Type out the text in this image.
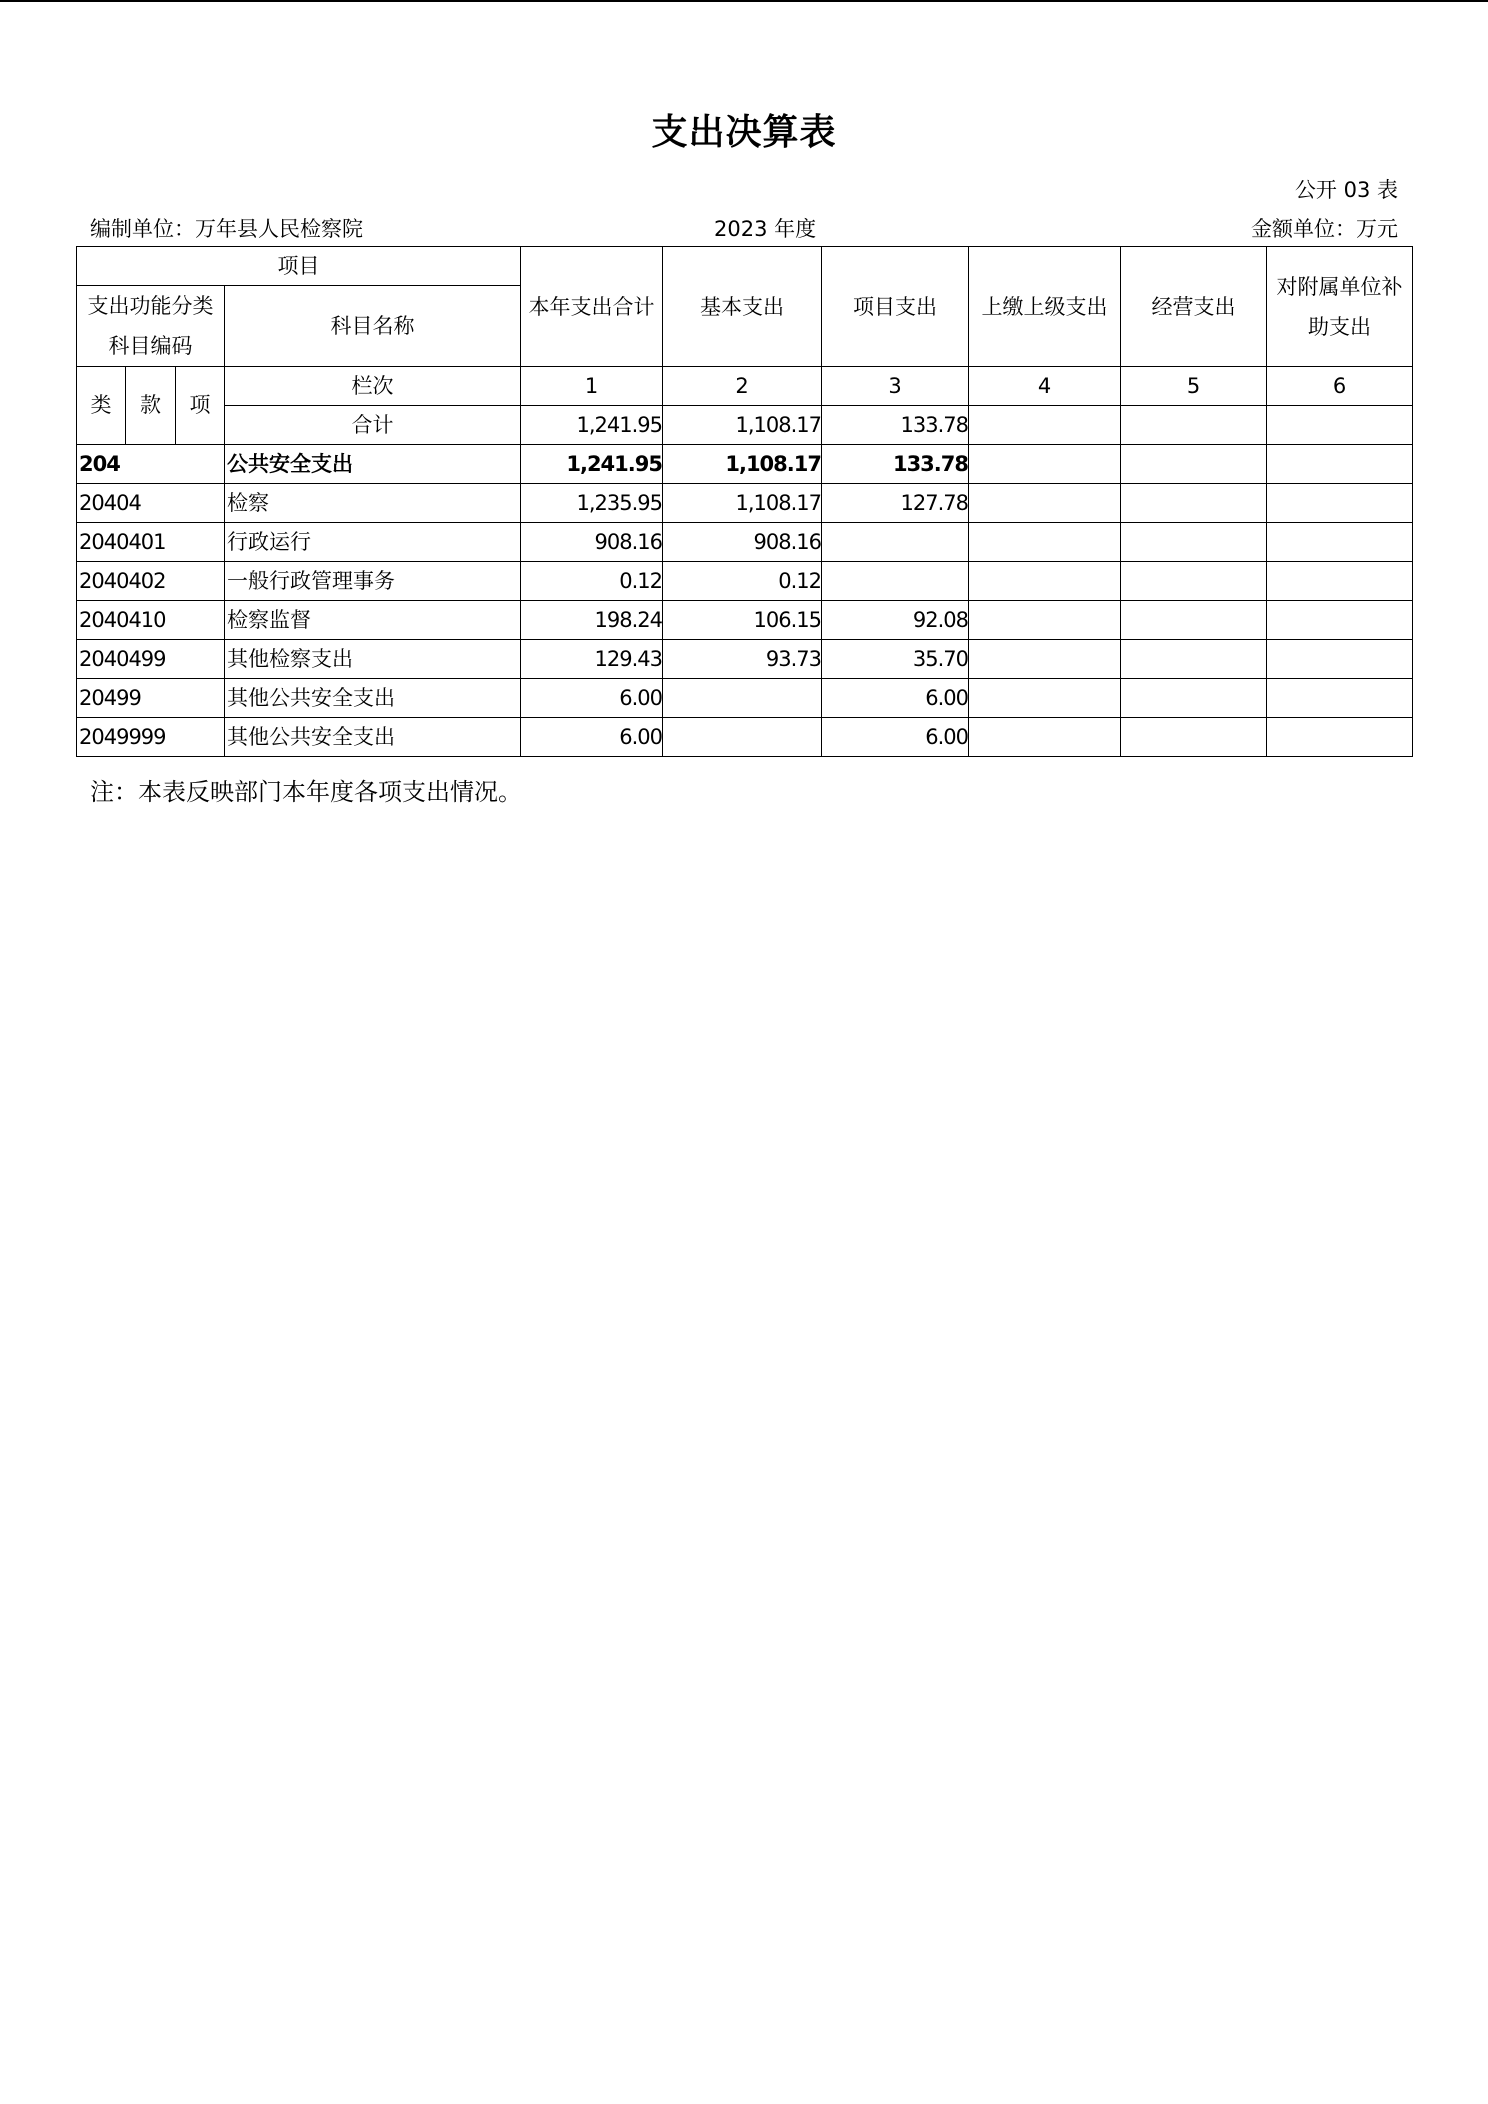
支出决算表
公开 03 表
编制单位：万年县人民检察院	2023 年度	金额单位：万元
项目				本年支出合计	基本支出	项目支出	上缴上级支出	经营支出	对附属单位补助支出
支出功能分类科目编码			科目名称						
类	款	项	栏次	1	2	3	4	5	6
			合计	1,241.95	1,108.17	133.78			
204			公共安全支出	1,241.95	1,108.17	133.78			
20404			检察	1,235.95	1,108.17	127.78			
2040401			行政运行	908.16	908.16				
2040402			一般行政管理事务	0.12	0.12				
2040410			检察监督	198.24	106.15	92.08			
2040499			其他检察支出	129.43	93.73	35.70			
20499			其他公共安全支出	6.00		6.00			
2049999			其他公共安全支出	6.00		6.00			
注：本表反映部门本年度各项支出情况。
